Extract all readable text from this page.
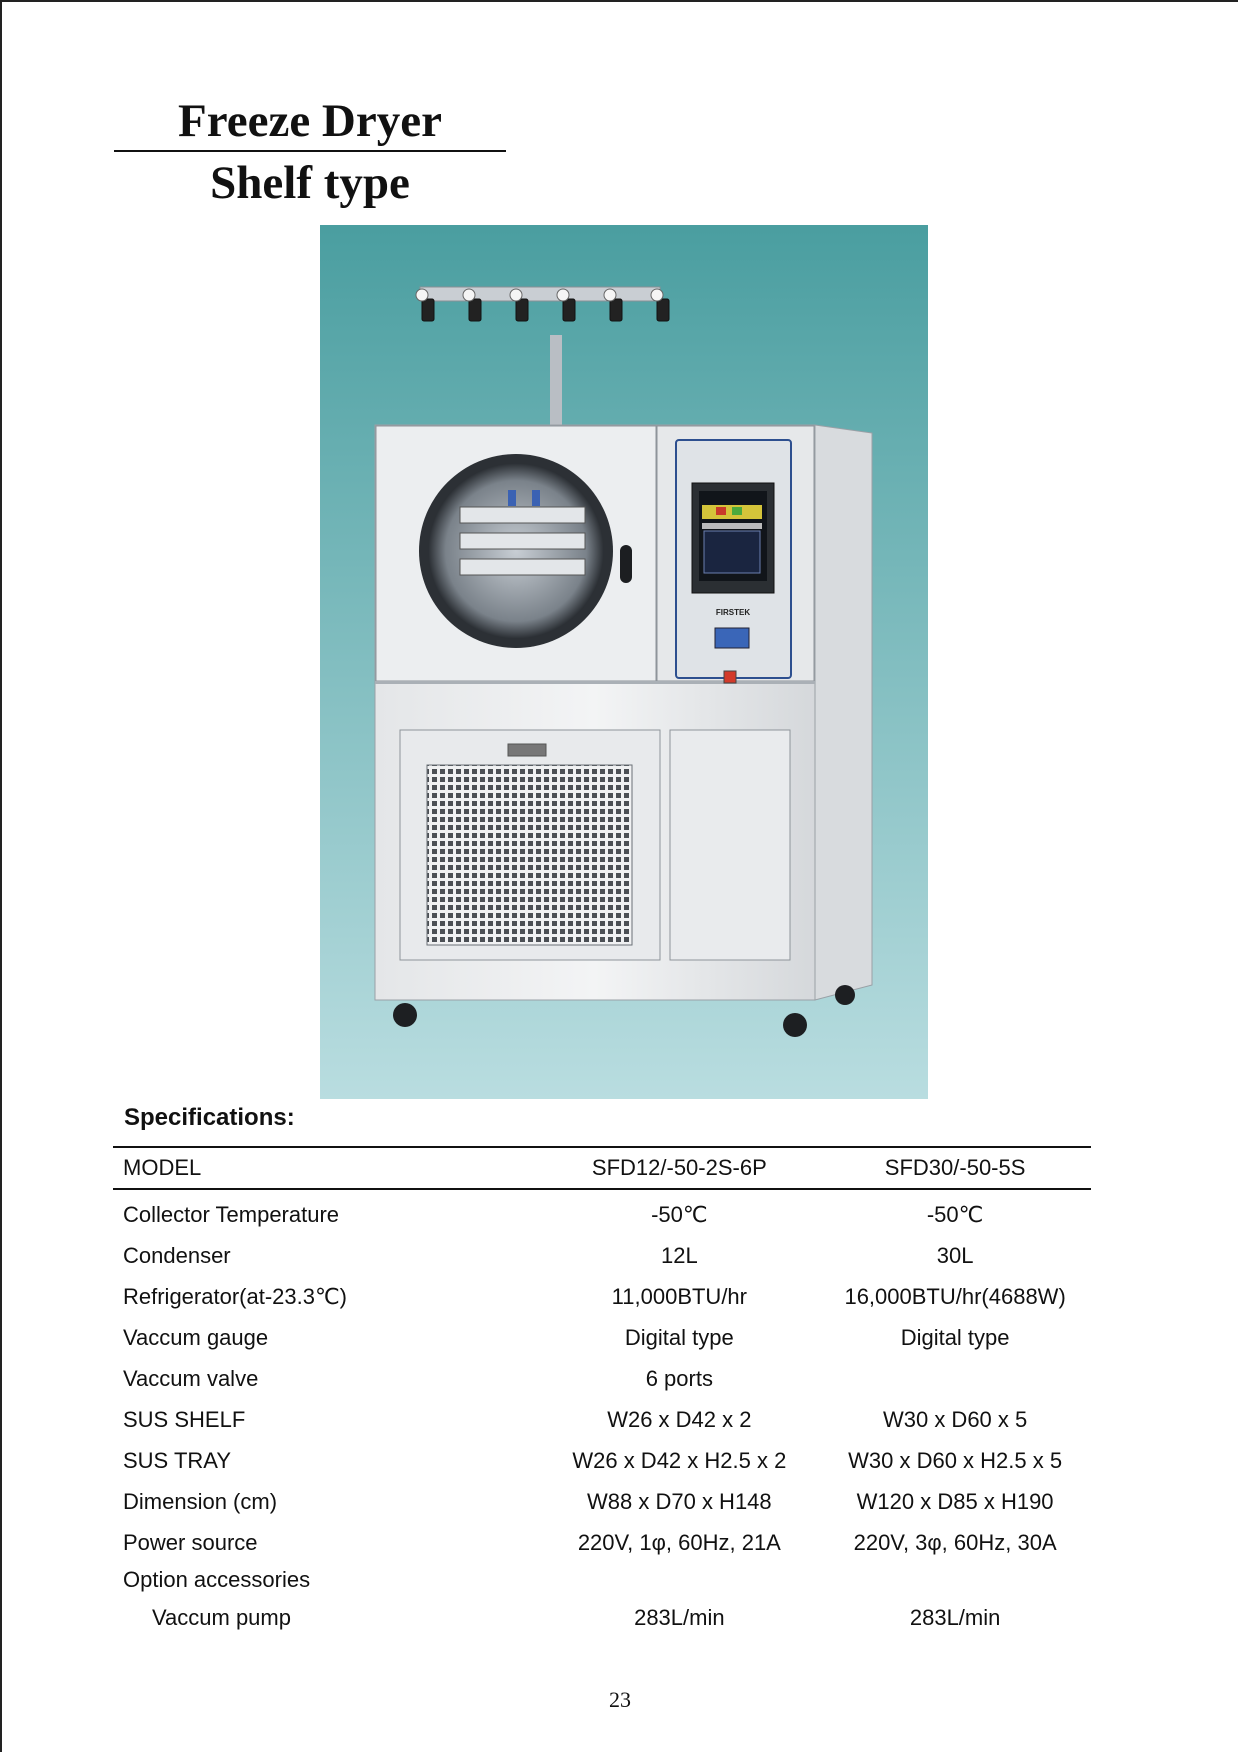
Freeze Dryer
Shelf type
FIRSTEK
Specifications:
MODEL	SFD12/-50-2S-6P	SFD30/-50-5S
Collector Temperature	-50℃	-50℃
Condenser	12L	30L
Refrigerator(at-23.3℃)	11,000BTU/hr	16,000BTU/hr(4688W)
Vaccum gauge	Digital type	Digital type
Vaccum valve	6 ports	
SUS SHELF	W26 x D42 x 2	W30 x D60 x 5
SUS TRAY	W26 x D42 x H2.5 x 2	W30 x D60 x H2.5 x 5
Dimension (cm)	W88 x D70 x H148	W120 x D85 x H190
Power source	220V, 1φ, 60Hz, 21A	220V, 3φ, 60Hz, 30A
Option accessories		
Vaccum pump	283L/min	283L/min
23
